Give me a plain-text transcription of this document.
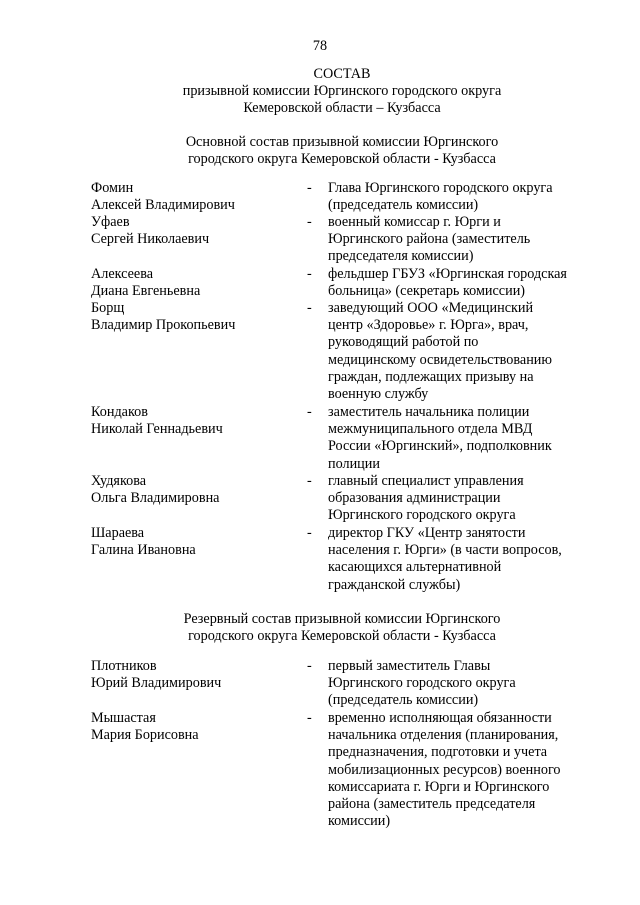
78
СОСТАВ
призывной комиссии Юргинского городского округа
Кемеровской области – Кузбасса
Основной состав призывной комиссии Юргинского
городского округа Кемеровской области - Кузбасса
Фомин
Алексей Владимирович
- Глава Юргинского городского округа
(председатель комиссии)
Уфаев
Сергей Николаевич
- военный комиссар г. Юрги и
Юргинского района (заместитель
председателя комиссии)
Алексеева
Диана Евгеньевна
- фельдшер ГБУЗ «Юргинская городская
больница» (секретарь комиссии)
Борщ
Владимир Прокопьевич
- заведующий ООО «Медицинский
центр «Здоровье» г. Юрга», врач,
руководящий работой по
медицинскому освидетельствованию
граждан, подлежащих призыву на
военную службу
Кондаков
Николай Геннадьевич
- заместитель начальника полиции
межмуниципального отдела МВД
России «Юргинский», подполковник
полиции
Худякова
Ольга Владимировна
- главный специалист управления
образования администрации
Юргинского городского округа
Шараева
Галина Ивановна
- директор ГКУ «Центр занятости
населения г. Юрги» (в части вопросов,
касающихся альтернативной
гражданской службы)
Резервный состав призывной комиссии Юргинского
городского округа Кемеровской области - Кузбасса
Плотников
Юрий Владимирович
- первый заместитель Главы
Юргинского городского округа
(председатель комиссии)
Мышастая
Мария Борисовна
- временно исполняющая обязанности
начальника отделения (планирования,
предназначения, подготовки и учета
мобилизационных ресурсов) военного
комиссариата г. Юрги и Юргинского
района (заместитель председателя
комиссии)
